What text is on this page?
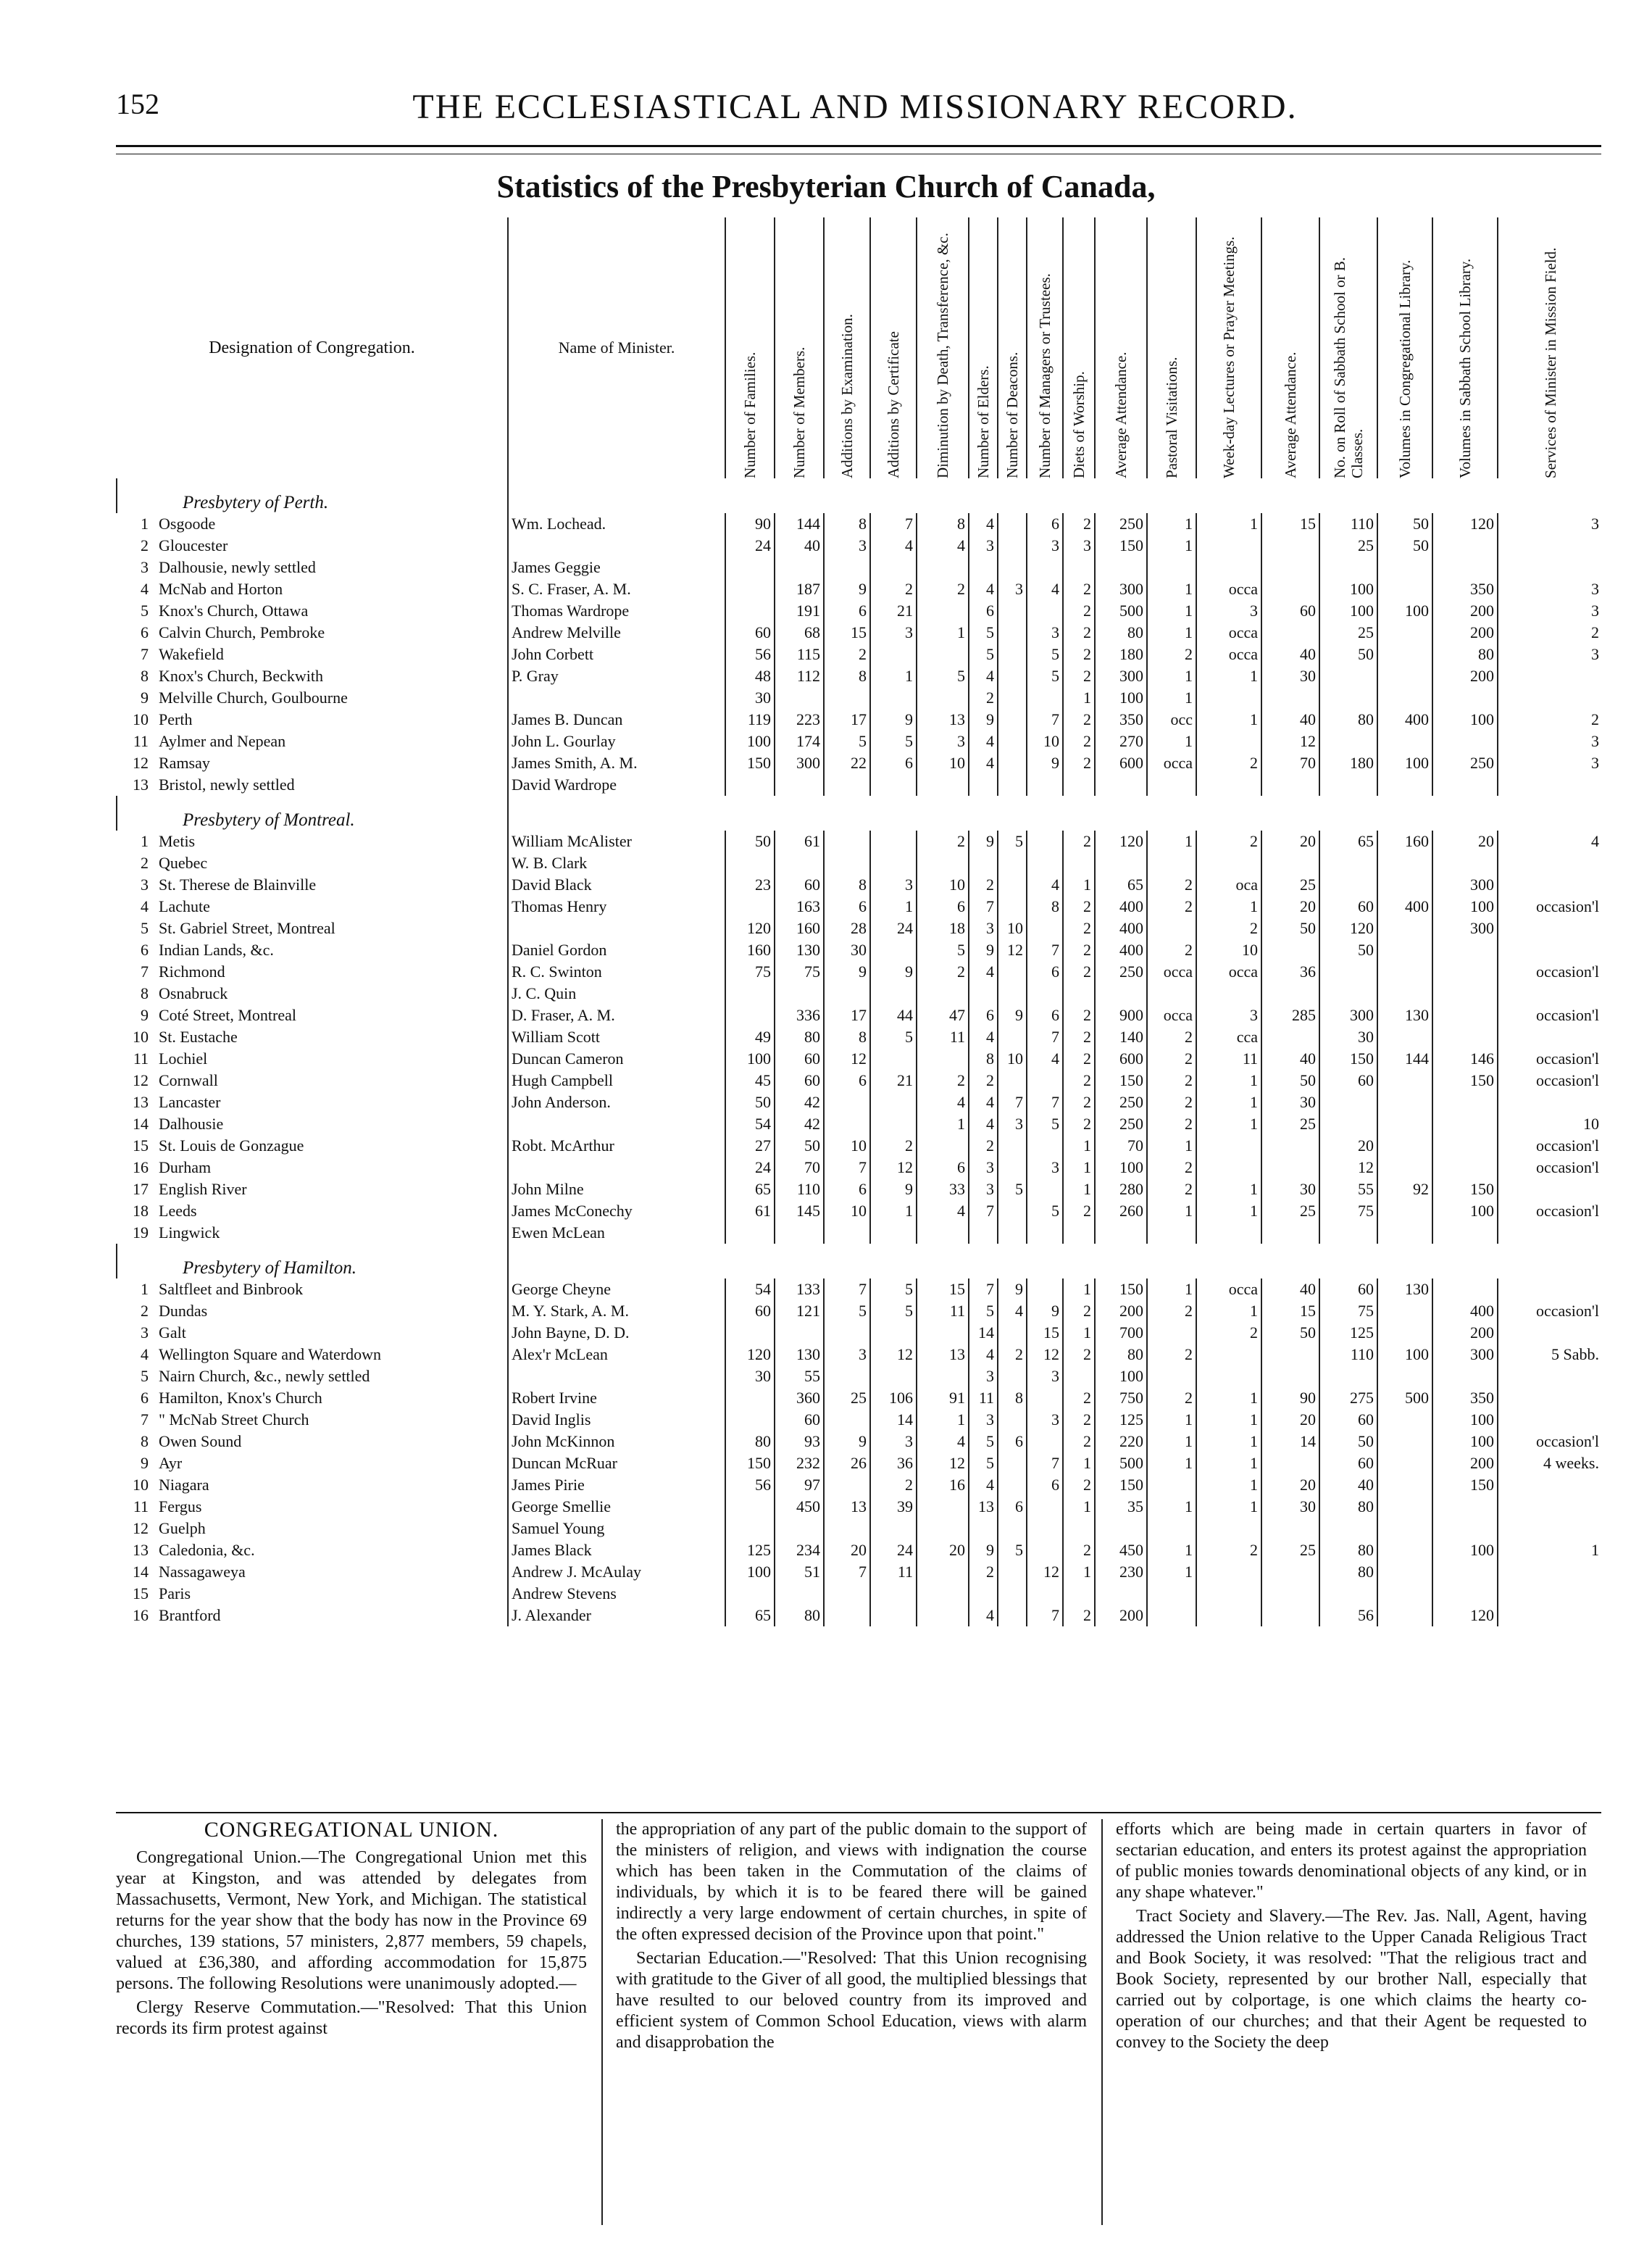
152	THE ECCLESIASTICAL AND MISSIONARY RECORD.
Statistics of the Presbyterian Church of Canada,
Designation of Congregation.	Name of Minister.	Number of Families.	Number of Members.	Additions by Examination.	Additions by Certificate	Diminution by Death, Transference, &c.	Number of Elders.	Number of Deacons.	Number of Managers or Trustees.	Diets of Worship.	Average Attendance.	Pastoral Visitations.	Week-day Lectures or Prayer Meetings.	Average Attendance.	No. on Roll of Sabbath School or B. Classes.	Volumes in Congregational Library.	Volumes in Sabbath School Library.	Services of Minister in Mission Field.

Presbytery of Perth.																		
1 Osgoode	Wm. Lochead.	90	144	8	7	8	4		6	2	250	1	1	15	110	50	120	3
2 Gloucester		24	40	3	4	4	3		3	3	150	1			25	50		
3 Dalhousie, newly settled	James Geggie																	
4 McNab and Horton	S. C. Fraser, A. M.		187	9	2	2	4	3	4	2	300	1	occa		100		350	3
5 Knox's Church, Ottawa	Thomas Wardrope		191	6	21		6			2	500	1	3	60	100	100	200	3
6 Calvin Church, Pembroke	Andrew Melville	60	68	15	3	1	5		3	2	80	1	occa		25		200	2
7 Wakefield	John Corbett	56	115	2			5		5	2	180	2	occa	40	50		80	3
8 Knox's Church, Beckwith	P. Gray	48	112	8	1	5	4		5	2	300	1	1	30			200	
9 Melville Church, Goulbourne		30					2			1	100	1						
10 Perth	James B. Duncan	119	223	17	9	13	9		7	2	350	occ	1	40	80	400	100	2
11 Aylmer and Nepean	John L. Gourlay	100	174	5	5	3	4		10	2	270	1		12				3
12 Ramsay	James Smith, A. M.	150	300	22	6	10	4		9	2	600	occa	2	70	180	100	250	3
13 Bristol, newly settled	David Wardrope																	
Presbytery of Montreal.																		
1 Metis	William McAlister	50	61			2	9	5		2	120	1	2	20	65	160	20	4
2 Quebec	W. B. Clark																	
3 St. Therese de Blainville	David Black	23	60	8	3	10	2		4	1	65	2	oca	25			300	
4 Lachute	Thomas Henry		163	6	1	6	7		8	2	400	2	1	20	60	400	100	occasion'l
5 St. Gabriel Street, Montreal		120	160	28	24	18	3	10		2	400		2	50	120		300	
6 Indian Lands, &c.	Daniel Gordon	160	130	30		5	9	12	7	2	400	2	10		50			
7 Richmond	R. C. Swinton	75	75	9	9	2	4		6	2	250	occa	occa	36				occasion'l
8 Osnabruck	J. C. Quin																	
9 Coté Street, Montreal	D. Fraser, A. M.		336	17	44	47	6	9	6	2	900	occa	3	285	300	130		occasion'l
10 St. Eustache	William Scott	49	80	8	5	11	4		7	2	140	2	cca		30			
11 Lochiel	Duncan Cameron	100	60	12			8	10	4	2	600	2	11	40	150	144	146	occasion'l
12 Cornwall	Hugh Campbell	45	60	6	21	2	2			2	150	2	1	50	60		150	occasion'l
13 Lancaster	John Anderson.	50	42			4	4	7	7	2	250	2	1	30				
14 Dalhousie		54	42			1	4	3	5	2	250	2	1	25				10
15 St. Louis de Gonzague	Robt. McArthur	27	50	10	2		2			1	70	1			20			occasion'l
16 Durham		24	70	7	12	6	3		3	1	100	2			12			occasion'l
17 English River	John Milne	65	110	6	9	33	3	5		1	280	2	1	30	55	92	150	
18 Leeds	James McConechy	61	145	10	1	4	7		5	2	260	1	1	25	75		100	occasion'l
19 Lingwick	Ewen McLean																	
Presbytery of Hamilton.																		
1 Saltfleet and Binbrook	George Cheyne	54	133	7	5	15	7	9		1	150	1	occa	40	60	130		
2 Dundas	M. Y. Stark, A. M.	60	121	5	5	11	5	4	9	2	200	2	1	15	75		400	occasion'l
3 Galt	John Bayne, D. D.						14		15	1	700		2	50	125		200	
4 Wellington Square and Waterdown	Alex'r McLean	120	130	3	12	13	4	2	12	2	80	2			110	100	300	5 Sabb.
5 Nairn Church, &c., newly settled		30	55				3		3		100							
6 Hamilton, Knox's Church	Robert Irvine		360	25	106	91	11	8		2	750	2	1	90	275	500	350	
7 " McNab Street Church	David Inglis		60		14	1	3		3	2	125	1	1	20	60		100	
8 Owen Sound	John McKinnon	80	93	9	3	4	5	6		2	220	1	1	14	50		100	occasion'l
9 Ayr	Duncan McRuar	150	232	26	36	12	5		7	1	500	1	1		60		200	4 weeks.
10 Niagara	James Pirie	56	97		2	16	4		6	2	150		1	20	40		150	
11 Fergus	George Smellie		450	13	39		13	6		1	35	1	1	30	80			
12 Guelph	Samuel Young																	
13 Caledonia, &c.	James Black	125	234	20	24	20	9	5		2	450	1	2	25	80		100	1
14 Nassagaweya	Andrew J. McAulay	100	51	7	11		2		12	1	230	1			80			
15 Paris	Andrew Stevens																	
16 Brantford	J. Alexander	65	80				4		7	2	200				56		120	
CONGREGATIONAL UNION.

Congregational Union.—The Congregational Union met this year at Kingston, and was attended by delegates from Massachusetts, Vermont, New York, and Michigan. The statistical returns for the year show that the body has now in the Province 69 churches, 139 stations, 57 ministers, 2,877 members, 59 chapels, valued at £36,380, and affording accommodation for 15,875 persons. The following Resolutions were unanimously adopted.—

Clergy Reserve Commutation.—"Resolved: That this Union records its firm protest against

the appropriation of any part of the public domain to the support of the ministers of religion, and views with indignation the course which has been taken in the Commutation of the claims of individuals, by which it is to be feared there will be gained indirectly a very large endowment of certain churches, in spite of the often expressed decision of the Province upon that point."

Sectarian Education.—"Resolved: That this Union recognising with gratitude to the Giver of all good, the multiplied blessings that have resulted to our beloved country from its improved and efficient system of Common School Education, views with alarm and disapprobation the

efforts which are being made in certain quarters in favor of sectarian education, and enters its protest against the appropriation of public monies towards denominational objects of any kind, or in any shape whatever."

Tract Society and Slavery.—The Rev. Jas. Nall, Agent, having addressed the Union relative to the Upper Canada Religious Tract and Book Society, it was resolved: "That the religious tract and Book Society, represented by our brother Nall, especially that carried out by colportage, is one which claims the hearty co-operation of our churches; and that their Agent be requested to convey to the Society the deep
